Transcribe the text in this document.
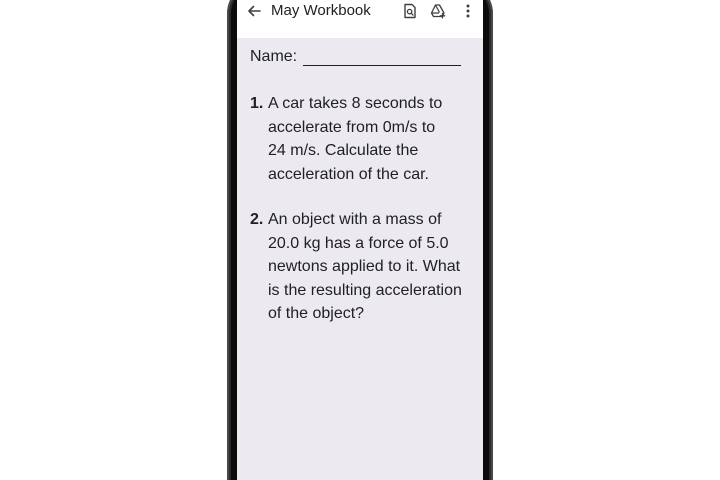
May Workbook
Name:
1. A car takes 8 seconds to
accelerate from 0m/s to
24 m/s. Calculate the
acceleration of the car.
2. An object with a mass of
20.0 kg has a force of 5.0
newtons applied to it. What
is the resulting acceleration
of the object?
